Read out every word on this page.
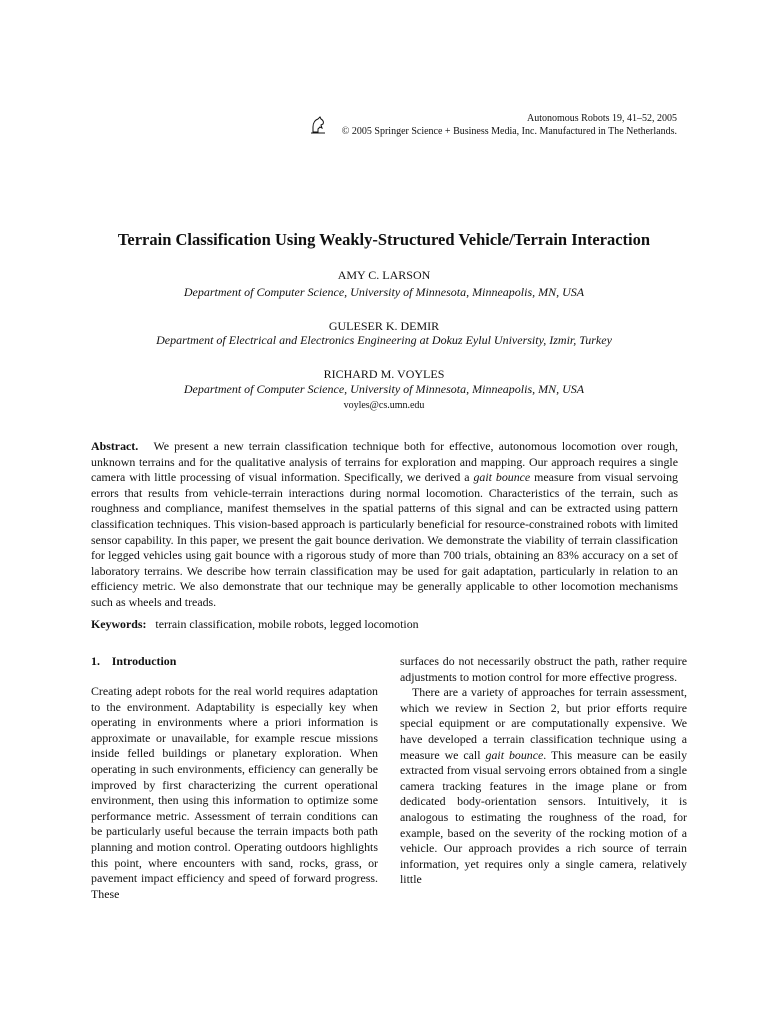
Autonomous Robots 19, 41–52, 2005
© 2005 Springer Science + Business Media, Inc. Manufactured in The Netherlands.
Terrain Classification Using Weakly-Structured Vehicle/Terrain Interaction
AMY C. LARSON
Department of Computer Science, University of Minnesota, Minneapolis, MN, USA
GULESER K. DEMIR
Department of Electrical and Electronics Engineering at Dokuz Eylul University, Izmir, Turkey
RICHARD M. VOYLES
Department of Computer Science, University of Minnesota, Minneapolis, MN, USA
voyles@cs.umn.edu
Abstract. We present a new terrain classification technique both for effective, autonomous locomotion over rough, unknown terrains and for the qualitative analysis of terrains for exploration and mapping. Our approach requires a single camera with little processing of visual information. Specifically, we derived a gait bounce measure from visual servoing errors that results from vehicle-terrain interactions during normal locomotion. Characteristics of the terrain, such as roughness and compliance, manifest themselves in the spatial patterns of this signal and can be extracted using pattern classification techniques. This vision-based approach is particularly beneficial for resource-constrained robots with limited sensor capability. In this paper, we present the gait bounce derivation. We demonstrate the viability of terrain classification for legged vehicles using gait bounce with a rigorous study of more than 700 trials, obtaining an 83% accuracy on a set of laboratory terrains. We describe how terrain classification may be used for gait adaptation, particularly in relation to an efficiency metric. We also demonstrate that our technique may be generally applicable to other locomotion mechanisms such as wheels and treads.
Keywords: terrain classification, mobile robots, legged locomotion
1.    Introduction
Creating adept robots for the real world requires adaptation to the environment. Adaptability is especially key when operating in environments where a priori information is approximate or unavailable, for example rescue missions inside felled buildings or planetary exploration. When operating in such environments, efficiency can generally be improved by first characterizing the current operational environment, then using this information to optimize some performance metric. Assessment of terrain conditions can be particularly useful because the terrain impacts both path planning and motion control. Operating outdoors highlights this point, where encounters with sand, rocks, grass, or pavement impact efficiency and speed of forward progress. These

surfaces do not necessarily obstruct the path, rather require adjustments to motion control for more effective progress.

There are a variety of approaches for terrain assessment, which we review in Section 2, but prior efforts require special equipment or are computationally expensive. We have developed a terrain classification technique using a measure we call gait bounce. This measure can be easily extracted from visual servoing errors obtained from a single camera tracking features in the image plane or from dedicated body-orientation sensors. Intuitively, it is analogous to estimating the roughness of the road, for example, based on the severity of the rocking motion of a vehicle. Our approach provides a rich source of terrain information, yet requires only a single camera, relatively little
